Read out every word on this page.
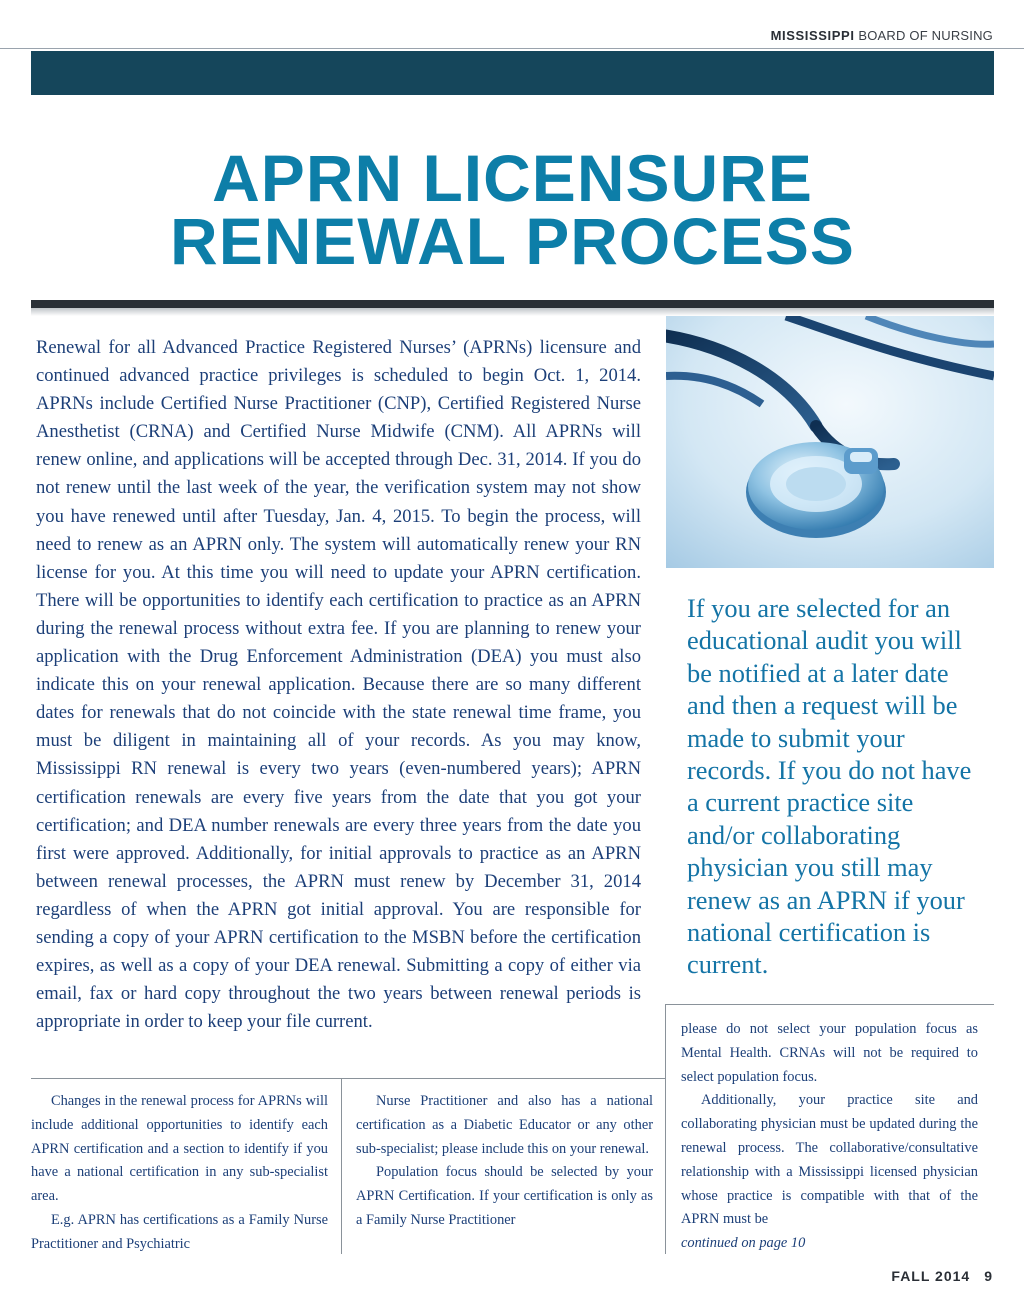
MISSISSIPPI BOARD OF NURSING
APRN LICENSURE
RENEWAL PROCESS

Renewal for all Advanced Practice Registered Nurses’ (APRNs) licensure and continued advanced practice privileges is scheduled to begin Oct. 1, 2014. APRNs include Certified Nurse Practitioner (CNP), Certified Registered Nurse Anesthetist (CRNA) and Certified Nurse Midwife (CNM). All APRNs will renew online, and applications will be accepted through Dec. 31, 2014. If you do not renew until the last week of the year, the verification system may not show you have renewed until after Tuesday, Jan. 4, 2015. To begin the process, will need to renew as an APRN only. The system will automatically renew your RN license for you. At this time you will need to update your APRN certification. There will be opportunities to identify each certification to practice as an APRN during the renewal process without extra fee. If you are planning to renew your application with the Drug Enforcement Administration (DEA) you must also indicate this on your renewal application. Because there are so many different dates for renewals that do not coincide with the state renewal time frame, you must be diligent in maintaining all of your records. As you may know, Mississippi RN renewal is every two years (even-numbered years); APRN certification renewals are every five years from the date that you got your certification; and DEA number renewals are every three years from the date you first were approved. Additionally, for initial approvals to practice as an APRN between renewal processes, the APRN must renew by December 31, 2014 regardless of when the APRN got initial approval. You are responsible for sending a copy of your APRN certification to the MSBN before the certification expires, as well as a copy of your DEA renewal. Submitting a copy of either via email, fax or hard copy throughout the two years between renewal periods is appropriate in order to keep your file current.

If you are selected for an educational audit you will be notified at a later date and then a request will be made to submit your records. If you do not have a current practice site and/or collaborating physician you still may renew as an APRN if your national certification is current.

Changes in the renewal process for APRNs will include additional opportunities to identify each APRN certification and a section to identify if you have a national certification in any sub-specialist area.

E.g. APRN has certifications as a Family Nurse Practitioner and Psychiatric

Nurse Practitioner and also has a national certification as a Diabetic Educator or any other sub-specialist; please include this on your renewal.

Population focus should be selected by your APRN Certification. If your certification is only as a Family Nurse Practitioner

please do not select your population focus as Mental Health. CRNAs will not be required to select population focus.

Additionally, your practice site and collaborating physician must be updated during the renewal process. The collaborative/consultative relationship with a Mississippi licensed physician whose practice is compatible with that of the APRN must be

continued on page 10

FALL 2014 9
